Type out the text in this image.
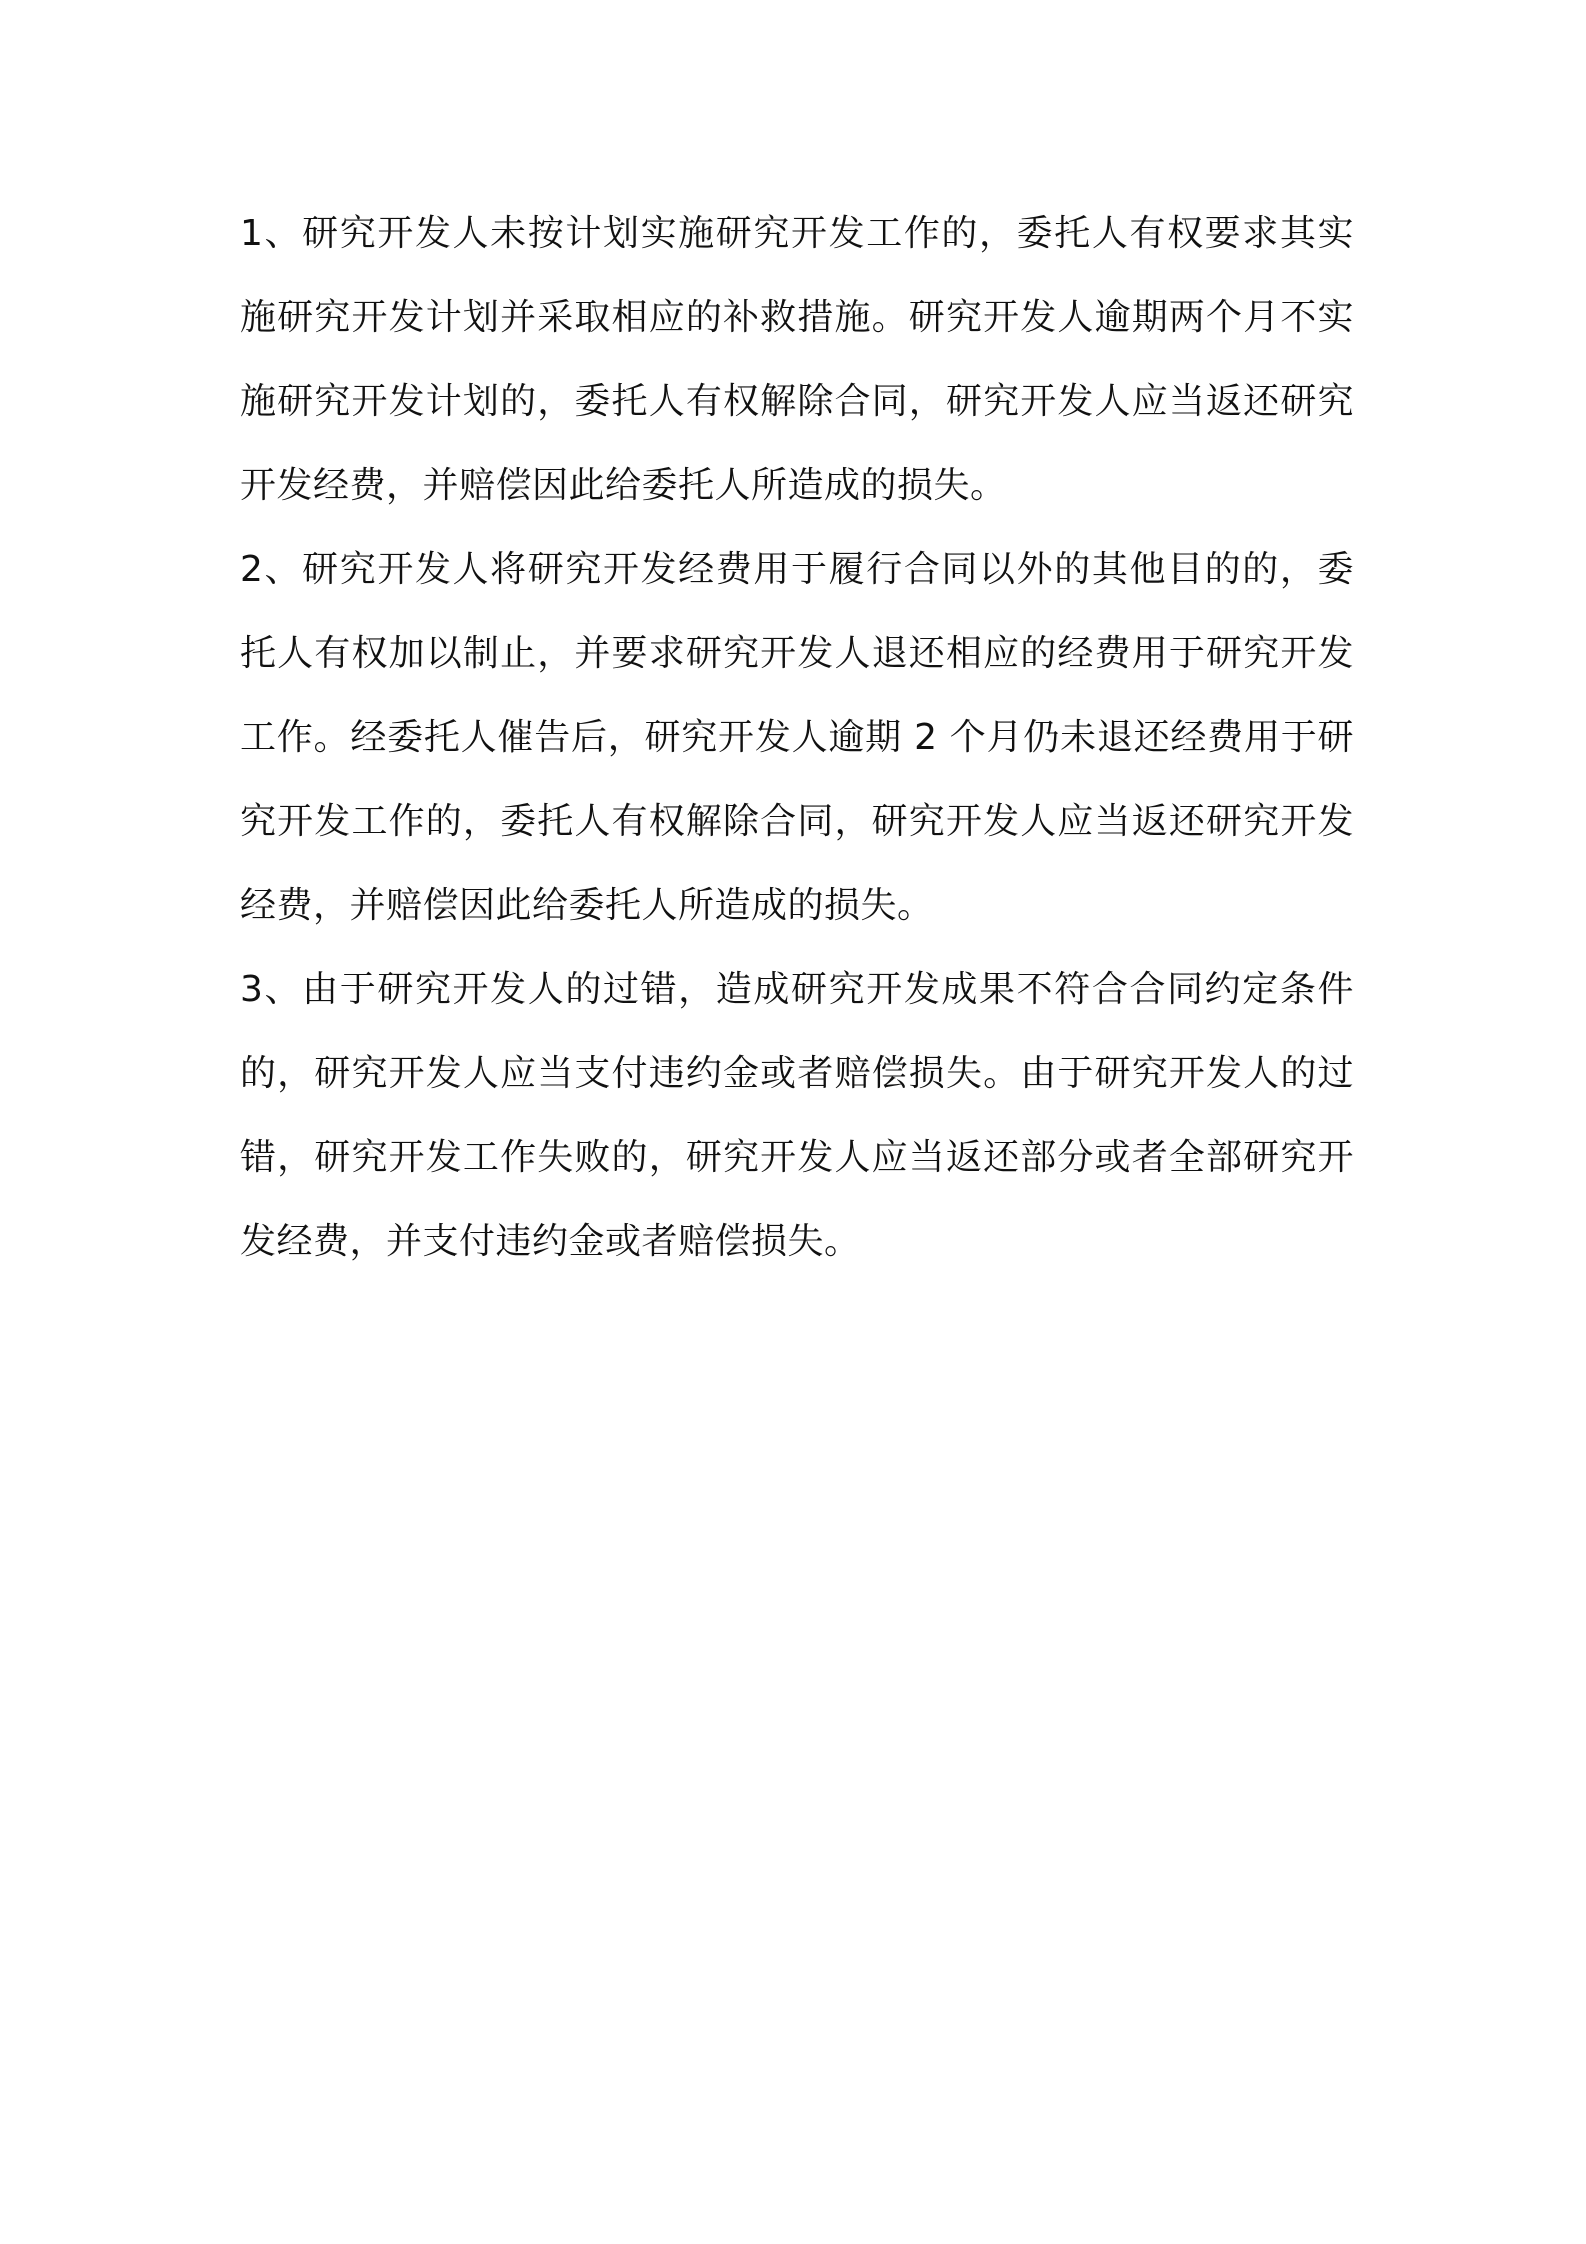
1、研究开发人未按计划实施研究开发工作的，委托人有权要求其实施研究开发计划并采取相应的补救措施。研究开发人逾期两个月不实施研究开发计划的，委托人有权解除合同，研究开发人应当返还研究开发经费，并赔偿因此给委托人所造成的损失。

2、研究开发人将研究开发经费用于履行合同以外的其他目的的，委托人有权加以制止，并要求研究开发人退还相应的经费用于研究开发工作。经委托人催告后，研究开发人逾期 2 个月仍未退还经费用于研究开发工作的，委托人有权解除合同，研究开发人应当返还研究开发经费，并赔偿因此给委托人所造成的损失。

3、由于研究开发人的过错，造成研究开发成果不符合合同约定条件的，研究开发人应当支付违约金或者赔偿损失。由于研究开发人的过错，研究开发工作失败的，研究开发人应当返还部分或者全部研究开发经费，并支付违约金或者赔偿损失。
